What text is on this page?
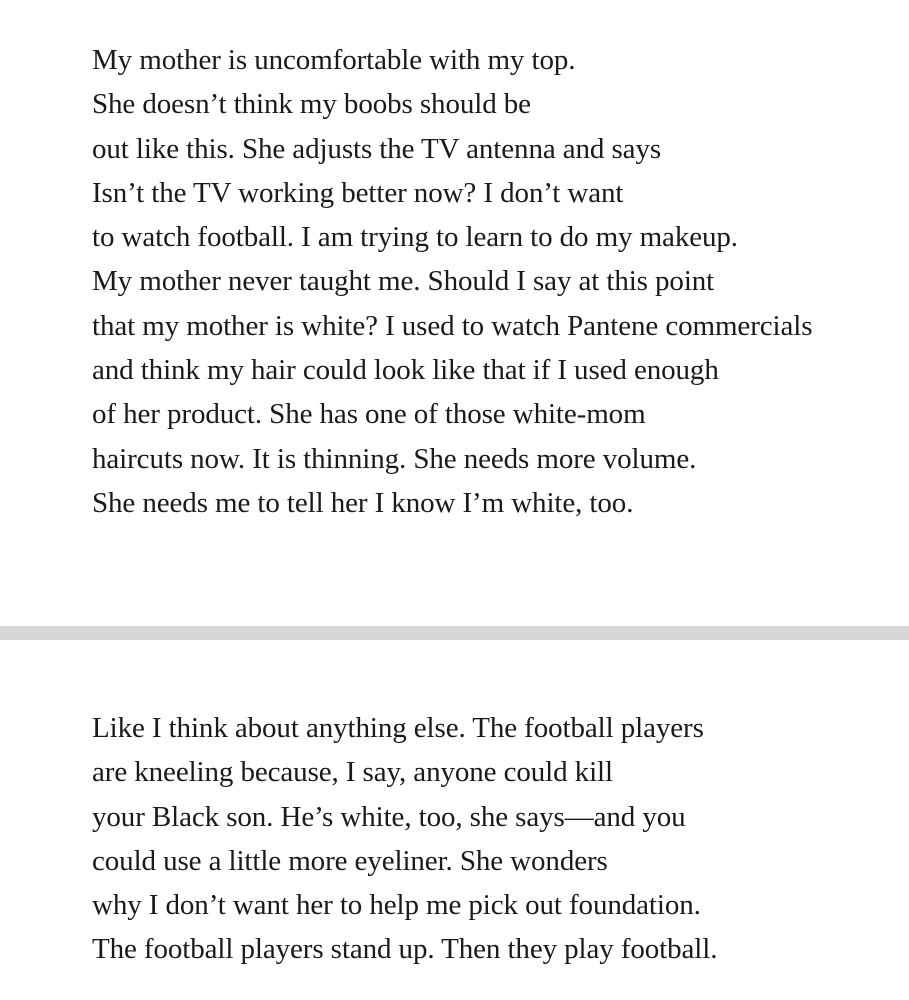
My mother is uncomfortable with my top.
She doesn’t think my boobs should be
out like this. She adjusts the TV antenna and says
Isn’t the TV working better now? I don’t want
to watch football. I am trying to learn to do my makeup.
My mother never taught me. Should I say at this point
that my mother is white? I used to watch Pantene commercials
and think my hair could look like that if I used enough
of her product. She has one of those white-mom
haircuts now. It is thinning. She needs more volume.
She needs me to tell her I know I’m white, too.
Like I think about anything else. The football players
are kneeling because, I say, anyone could kill
your Black son. He’s white, too, she says—and you
could use a little more eyeliner. She wonders
why I don’t want her to help me pick out foundation.
The football players stand up. Then they play football.
